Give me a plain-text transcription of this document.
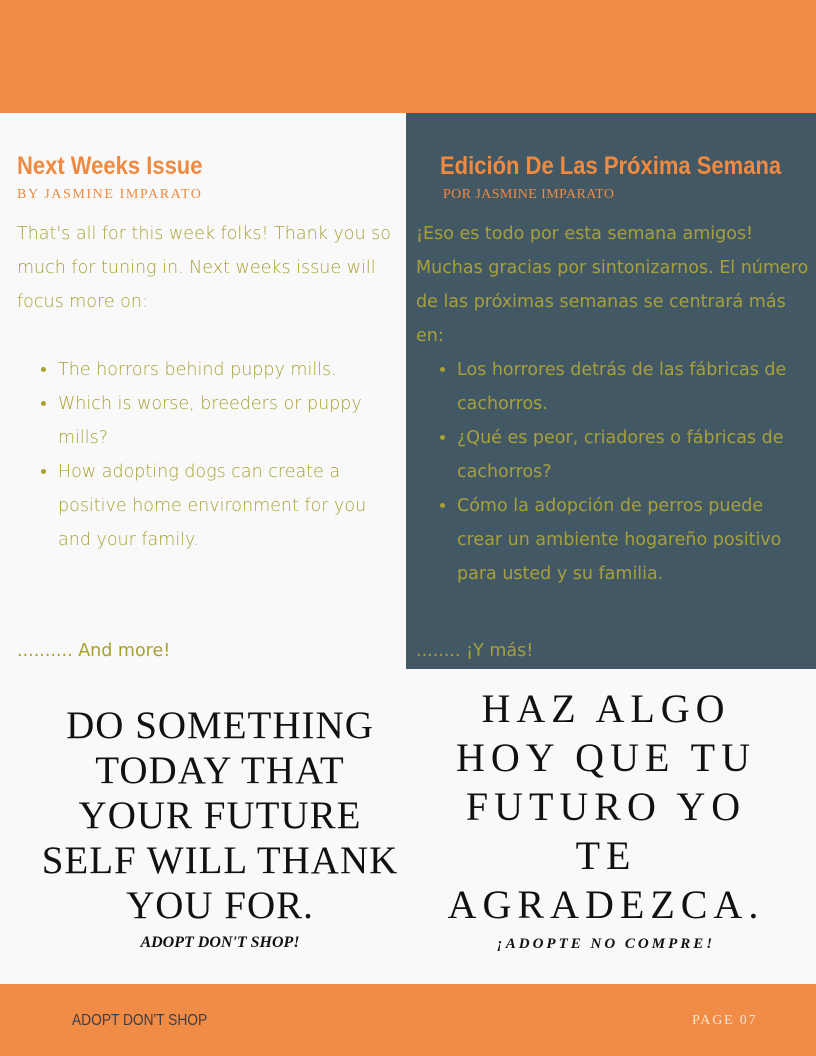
Next Weeks Issue
BY JASMINE IMPARATO

That's all for this week folks! Thank you so much for tuning in. Next weeks issue will focus more on:

• The horrors behind puppy mills.
• Which is worse, breeders or puppy mills?
• How adopting dogs can create a positive home environment for you and your family.
Edición De Las Próxima Semana
POR JASMINE IMPARATO

¡Eso es todo por esta semana amigos! Muchas gracias por sintonizarnos. El número de las próximas semanas se centrará más en:

• Los horrores detrás de las fábricas de cachorros.
• ¿Qué es peor, criadores o fábricas de cachorros?
• Cómo la adopción de perros puede crear un ambiente hogareño positivo para usted y su familia.
.......... And more!	........ ¡Y más!

DO SOMETHING TODAY THAT YOUR FUTURE SELF WILL THANK YOU FOR.

HAZ ALGO HOY QUE TU FUTURO YO TE AGRADEZCA.

ADOPT DON'T SHOP!	¡ADOPTE NO COMPRE!

ADOPT DON'T SHOP	PAGE 07
